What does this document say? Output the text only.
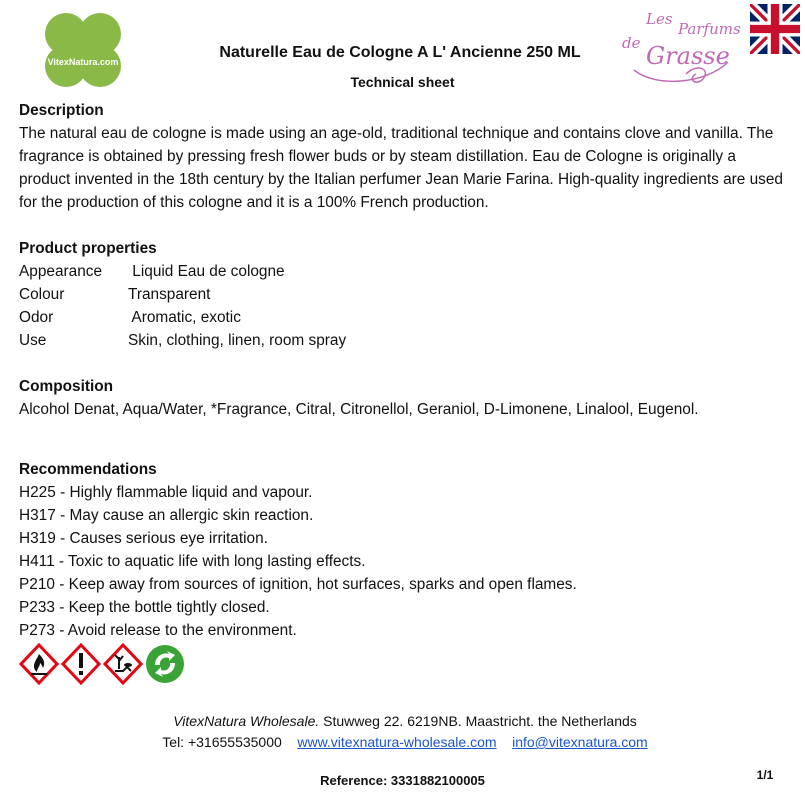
VitexNatura.com
Les
Parfums
de Grasse
Naturelle Eau de Cologne A L' Ancienne 250 ML
Technical sheet
Description

The natural eau de cologne is made using an age-old, traditional technique and contains clove and vanilla. The fragrance is obtained by pressing fresh flower buds or by steam distillation. Eau de Cologne is originally a product invented in the 18th century by the Italian perfumer Jean Marie Farina. High-quality ingredients are used for the production of this cologne and it is a 100% French production.

Product properties
Appearance	Liquid Eau de cologne
Colour	Transparent
Odor	Aromatic, exotic
Use	Skin, clothing, linen, room spray
Composition

Alcohol Denat, Aqua/Water, *Fragrance, Citral, Citronellol, Geraniol, D-Limonene, Linalool, Eugenol.

Recommendations

H225 - Highly flammable liquid and vapour.

H317 - May cause an allergic skin reaction.

H319 - Causes serious eye irritation.

H411 - Toxic to aquatic life with long lasting effects.

P210 - Keep away from sources of ignition, hot surfaces, sparks and open flames.

P233 - Keep the bottle tightly closed.

P273 - Avoid release to the environment.

VitexNatura Wholesale. Stuwweg 22. 6219NB. Maastricht. the Netherlands
Tel: +31655535000 www.vitexnatura-wholesale.com info@vitexnatura.com
Reference: 3331882100005	1/1
